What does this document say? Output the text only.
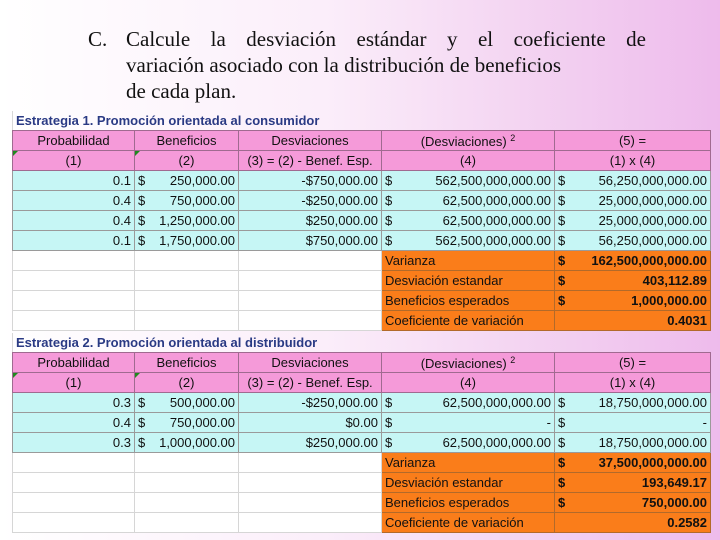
C. Calcule la desviación estándar y el coeficiente de
variación asociado con la distribución de beneficios
de cada plan.
Estrategia 1. Promoción orientada al consumidor
Probabilidad	Beneficios	Desviaciones	(Desviaciones) $^2$	(5) =

(1)	(2)	(3) = (2) - Benef. Esp.	(4)	(1) x (4)
0.1	$ 250,000.00	-$750,000.00	$ 562,500,000,000.00	$ 56,250,000,000.00

0.4	$ 750,000.00	-$250,000.00	$ 62,500,000,000.00	$ 25,000,000,000.00

0.4	$ 1,250,000.00	$250,000.00	$ 62,500,000,000.00	$ 25,000,000,000.00

0.1	$ 1,750,000.00	$750,000.00	$ 562,500,000,000.00	$ 56,250,000,000.00

			Varianza	$ 162,500,000,000.00

			Desviación estandar	$ 403,112.89

			Beneficios esperados	$ 1,000,000.00

			Coeficiente de variación	0.4031
Estrategia 2. Promoción orientada al distribuidor
Probabilidad	Beneficios	Desviaciones	(Desviaciones) $^2$	(5) =

(1)	(2)	(3) = (2) - Benef. Esp.	(4)	(1) x (4)
0.3	$ 500,000.00	-$250,000.00	$ 62,500,000,000.00	$ 18,750,000,000.00

0.4	$ 750,000.00	$0.00	$ -	$ -

0.3	$ 1,000,000.00	$250,000.00	$ 62,500,000,000.00	$ 18,750,000,000.00

			Varianza	$ 37,500,000,000.00

			Desviación estandar	$ 193,649.17

			Beneficios esperados	$ 750,000.00

			Coeficiente de variación	0.2582
